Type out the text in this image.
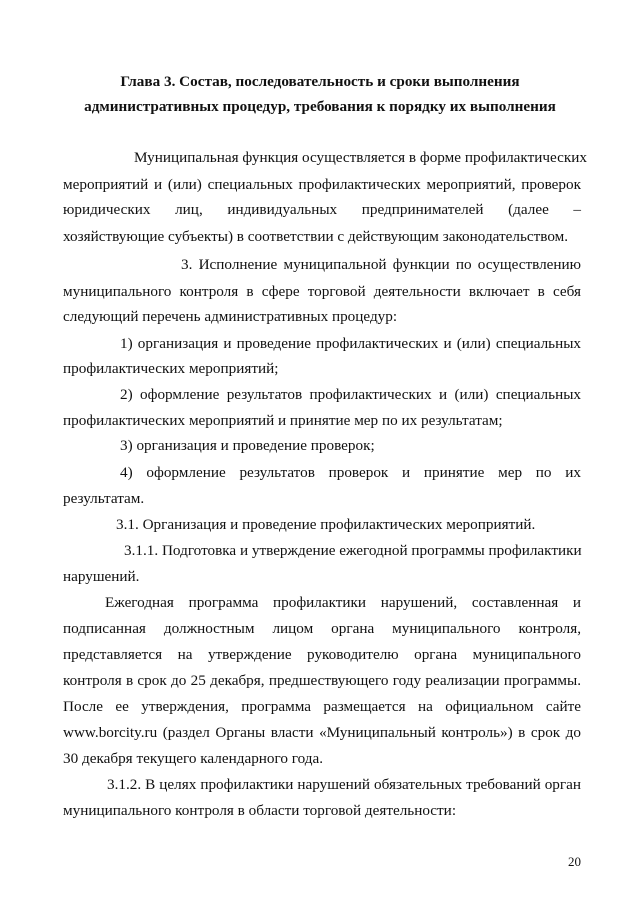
Глава 3. Состав, последовательность и сроки выполнения
административных процедур, требования к порядку их выполнения
Муниципальная функция осуществляется в форме профилактических
мероприятий и (или) специальных профилактических мероприятий, проверок
юридических лиц, индивидуальных предпринимателей (далее –
хозяйствующие субъекты) в соответствии с действующим законодательством.
3. Исполнение муниципальной функции по осуществлению
муниципального контроля в сфере торговой деятельности включает в себя
следующий перечень административных процедур:
1) организация и проведение профилактических и (или) специальных
профилактических мероприятий;
2) оформление результатов профилактических и (или) специальных
профилактических мероприятий и принятие мер по их результатам;
3) организация и проведение проверок;
4) оформление результатов проверок и принятие мер по их
результатам.
3.1. Организация и проведение профилактических мероприятий.
3.1.1. Подготовка и утверждение ежегодной программы профилактики
нарушений.
Ежегодная программа профилактики нарушений, составленная и
подписанная должностным лицом органа муниципального контроля,
представляется на утверждение руководителю органа муниципального
контроля в срок до 25 декабря, предшествующего году реализации программы.
После ее утверждения, программа размещается на официальном сайте
www.borcity.ru (раздел Органы власти «Муниципальный контроль») в срок до
30 декабря текущего календарного года.
3.1.2. В целях профилактики нарушений обязательных требований орган
муниципального контроля в области торговой деятельности:
20
